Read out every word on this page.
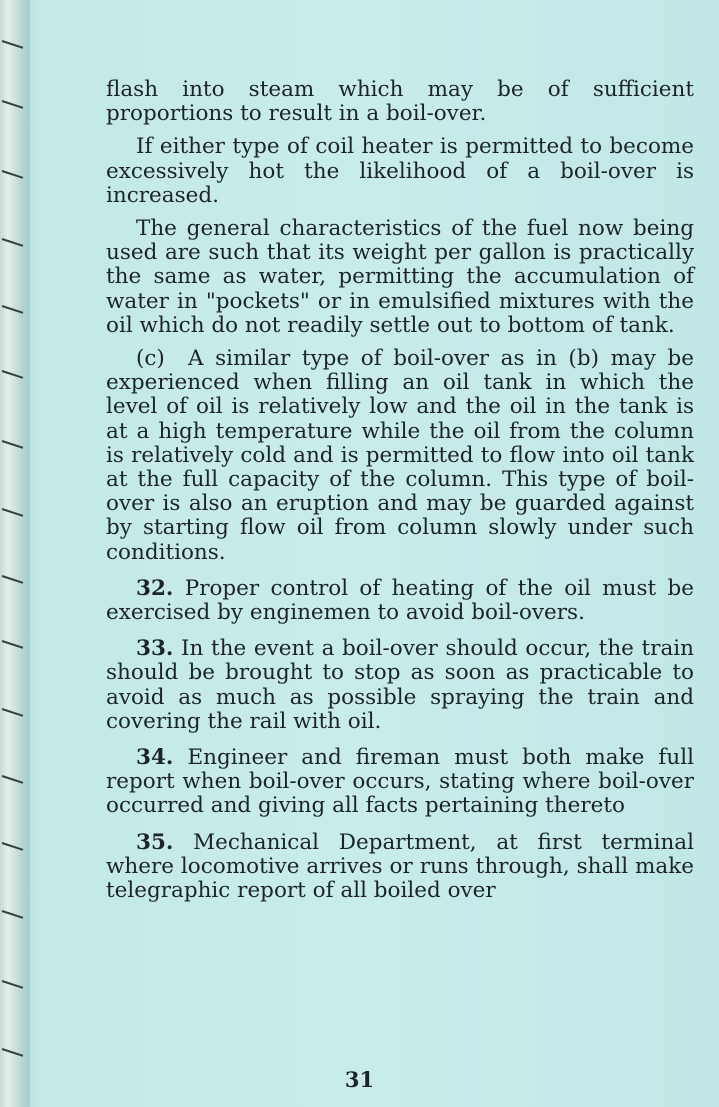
flash into steam which may be of sufficient proportions to result in a boil-over.

If either type of coil heater is permitted to become excessively hot the likelihood of a boil-over is increased.

The general characteristics of the fuel now being used are such that its weight per gallon is practically the same as water, permitting the accumulation of water in "pockets" or in emulsified mixtures with the oil which do not readily settle out to bottom of tank.

(c) A similar type of boil-over as in (b) may be experienced when filling an oil tank in which the level of oil is relatively low and the oil in the tank is at a high temperature while the oil from the column is relatively cold and is permitted to flow into oil tank at the full capacity of the column. This type of boil-over is also an eruption and may be guarded against by starting flow oil from column slowly under such conditions.

32. Proper control of heating of the oil must be exercised by enginemen to avoid boil-overs.

33. In the event a boil-over should occur, the train should be brought to stop as soon as practicable to avoid as much as possible spraying the train and covering the rail with oil.

34. Engineer and fireman must both make full report when boil-over occurs, stating where boil-over occurred and giving all facts pertaining thereto

35. Mechanical Department, at first terminal where locomotive arrives or runs through, shall make telegraphic report of all boiled over

31
